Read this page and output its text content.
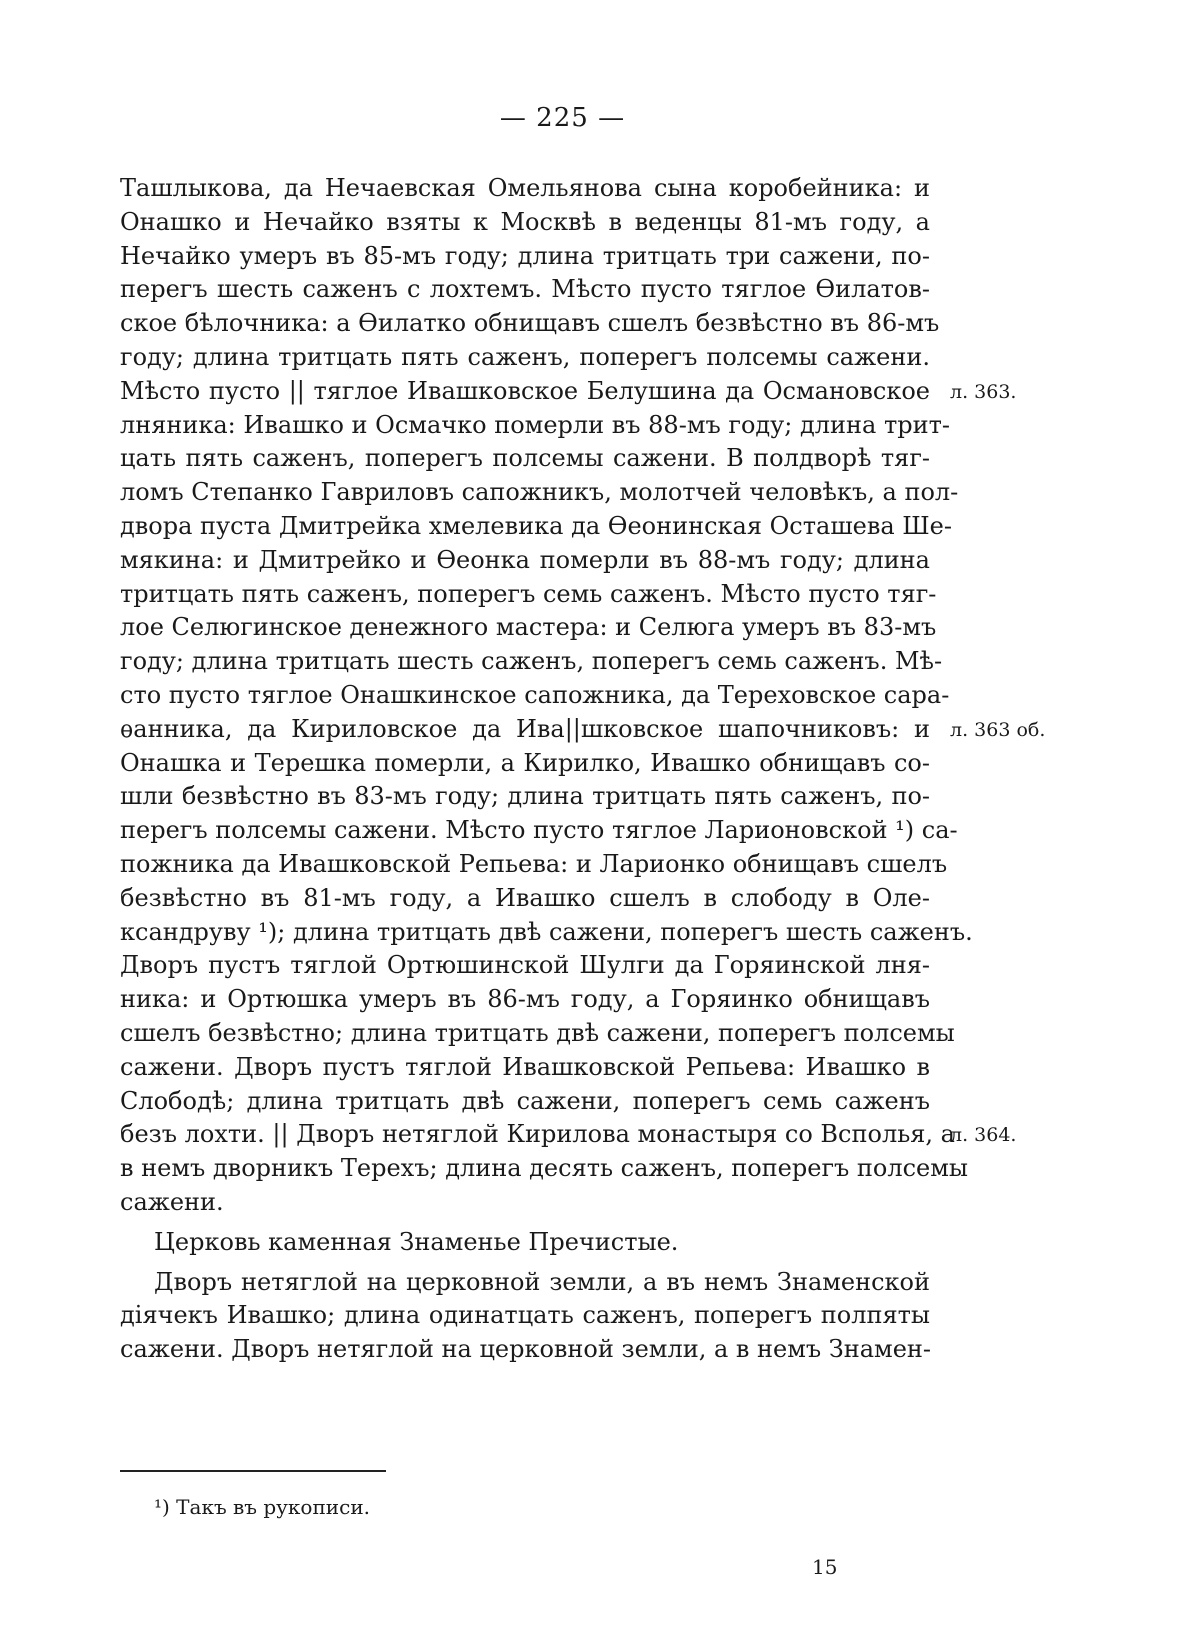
— 225 —
Ташлыкова, да Нечаевская Омельянова сына коробейника: и
Онашко и Нечайко взяты к Москвѣ в веденцы 81-мъ году, а
Нечайко умеръ въ 85-мъ году; длина тритцать три сажени, по-
перегъ шесть саженъ с лохтемъ. Мѣсто пусто тяглое Ѳилатов-
ское бѣлочника: а Ѳилатко обнищавъ сшелъ безвѣстно въ 86-мъ
году; длина тритцать пять саженъ, поперегъ полсемы сажени.
Мѣсто пусто || тяглое Ивашковское Белушина да Османовское
лняника: Ивашко и Осмачко померли въ 88-мъ году; длина трит-
цать пять саженъ, поперегъ полсемы сажени. В полдворѣ тяг-
ломъ Степанко Гавриловъ сапожникъ, молотчей человѣкъ, а пол-
двора пуста Дмитрейка хмелевика да Ѳеонинская Осташева Ше-
мякина: и Дмитрейко и Ѳеонка померли въ 88-мъ году; длина
тритцать пять саженъ, поперегъ семь саженъ. Мѣсто пусто тяг-
лое Селюгинское денежного мастера: и Селюга умеръ въ 83-мъ
году; длина тритцать шесть саженъ, поперегъ семь саженъ. Мѣ-
сто пусто тяглое Онашкинское сапожника, да Тереховское сара-
ѳанника, да Кириловское да Ива||шковское шапочниковъ: и
Онашка и Терешка померли, а Кирилко, Ивашко обнищавъ со-
шли безвѣстно въ 83-мъ году; длина тритцать пять саженъ, по-
перегъ полсемы сажени. Мѣсто пусто тяглое Ларионовской ¹) са-
пожника да Ивашковской Репьева: и Ларионко обнищавъ сшелъ
безвѣстно въ 81-мъ году, а Ивашко сшелъ в слободу в Оле-
ксандруву ¹); длина тритцать двѣ сажени, поперегъ шесть саженъ.
Дворъ пустъ тяглой Ортюшинской Шулги да Горяинской лня-
ника: и Ортюшка умеръ въ 86-мъ году, а Горяинко обнищавъ
сшелъ безвѣстно; длина тритцать двѣ сажени, поперегъ полсемы
сажени. Дворъ пустъ тяглой Ивашковской Репьева: Ивашко в
Слободѣ; длина тритцать двѣ сажени, поперегъ семь саженъ
безъ лохти. || Дворъ нетяглой Кирилова монастыря со Всполья, а
в немъ дворникъ Терехъ; длина десять саженъ, поперегъ полсемы
сажени.
Церковь каменная Знаменье Пречистые.
Дворъ нетяглой на церковной земли, а въ немъ Знаменской
діячекъ Ивашко; длина одинатцать саженъ, поперегъ полпяты
сажени. Дворъ нетяглой на церковной земли, а в немъ Знамен-
л. 363.
л. 363 об.
л. 364.
¹) Такъ въ рукописи.
15
